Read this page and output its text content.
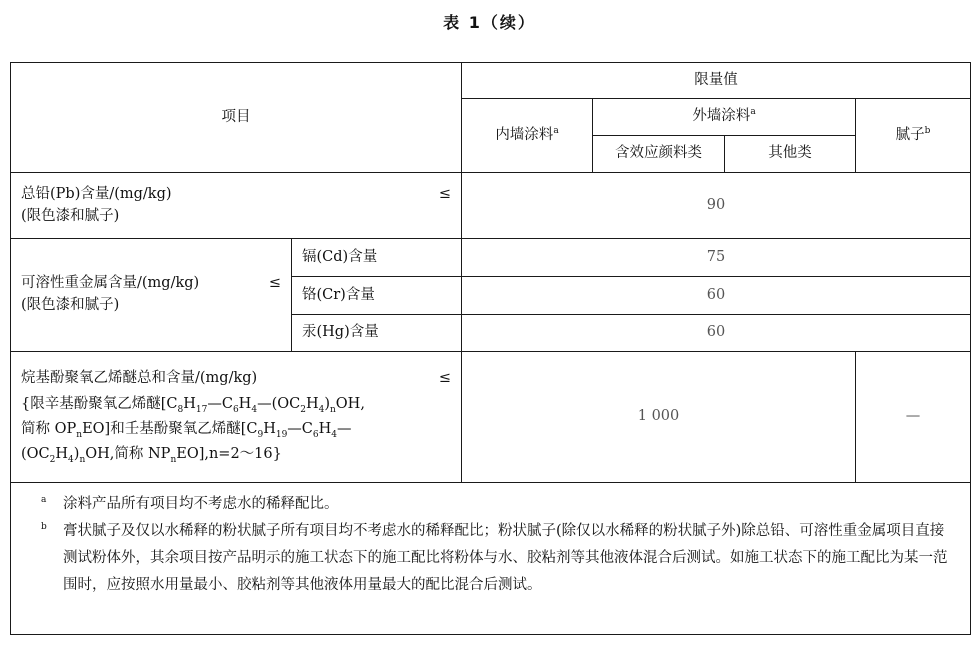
表 1（续）
项目		限量值			
		内墙涂料$^a$	外墙涂料$^a$		腻子$^b$
			含效应颜料类	其他类	

总铅(Pb)含量/(mg/kg) ≤
(限色漆和腻子)		90			

可溶性重金属含量/(mg/kg) ≤
(限色漆和腻子)	镉(Cd)含量	75			
	铬(Cr)含量	60			
	汞(Hg)含量	60			

烷基酚聚氧乙烯醚总和含量/(mg/kg) ≤
{限辛基酚聚氧乙烯醚[$C_8H_{17}—C_6H_4—(OC_2H_4)_nOH$,
简称 $OP_nEO$]和壬基酚聚氧乙烯醚[$C_9H_{19}—C_6H_4—$
$(OC_2H_4)_nOH$,简称 $NP_nEO],n=2\sim 16$}		1 000			—

a 涂料产品所有项目均不考虑水的稀释配比。
b 膏状腻子及仅以水稀释的粉状腻子所有项目均不考虑水的稀释配比；粉状腻子(除仅以水稀释的粉状腻子外)除总铅、可溶性重金属项目直接测试粉体外，其余项目按产品明示的施工状态下的施工配比将粉体与水、胶粘剂等其他液体混合后测试。如施工状态下的施工配比为某一范围时，应按照水用量最小、胶粘剂等其他液体用量最大的配比混合后测试。					
